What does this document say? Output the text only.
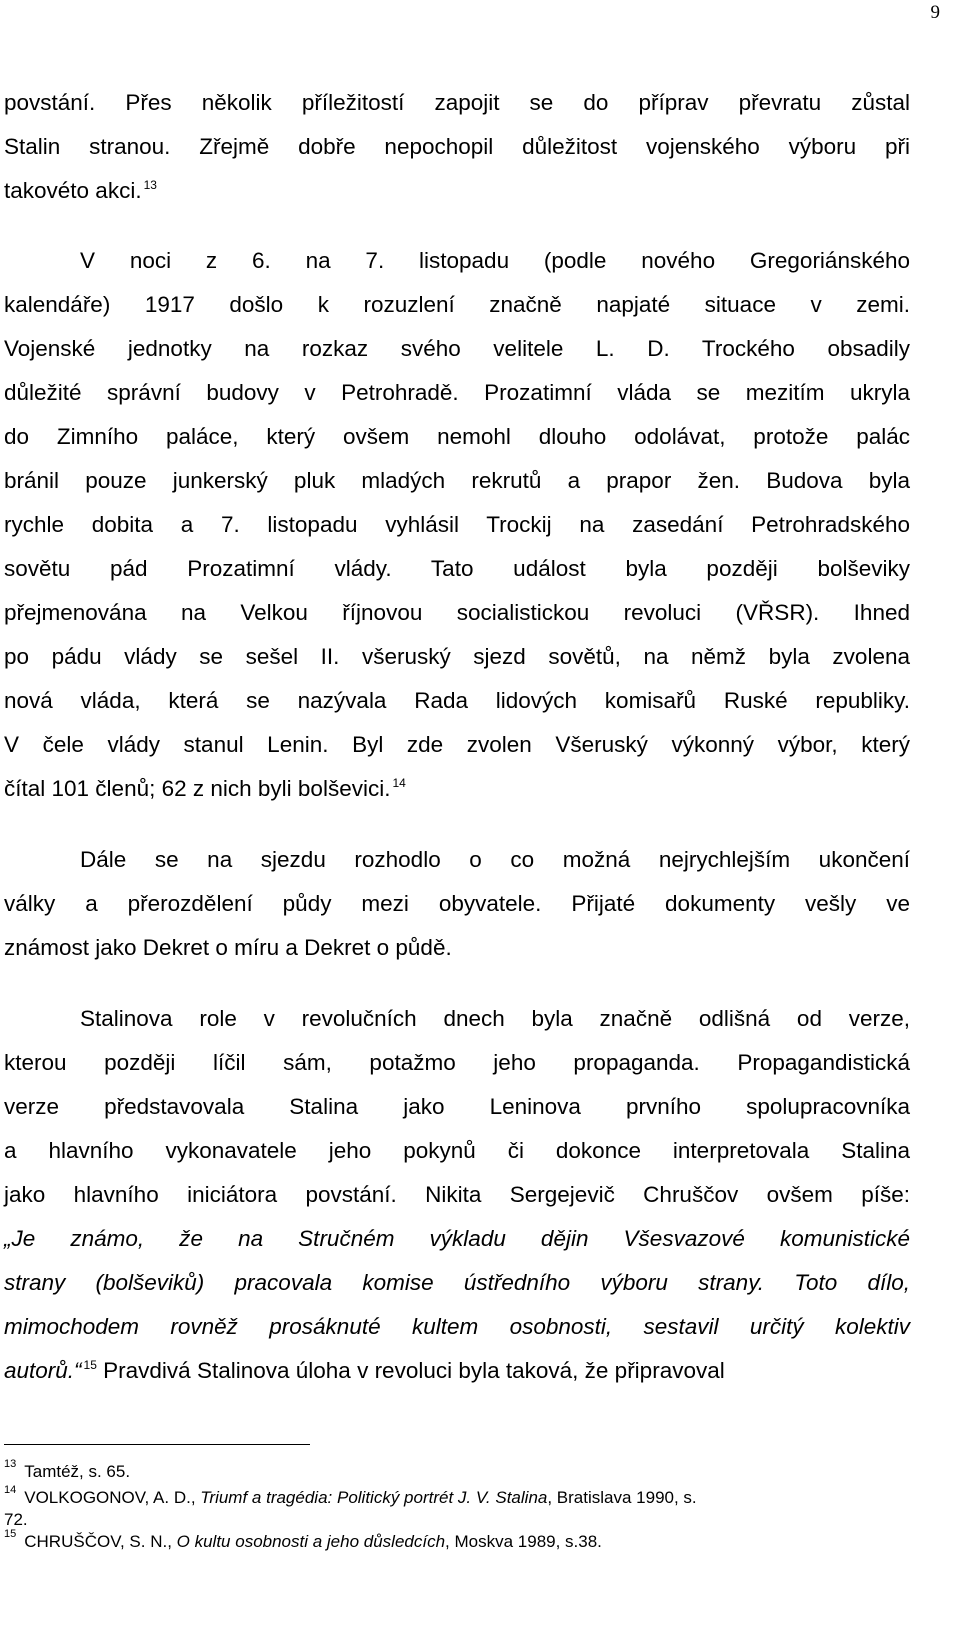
9
povstání. Přes několik příležitostí zapojit se do příprav převratu zůstal
Stalin stranou. Zřejmě dobře nepochopil důležitost vojenského výboru při
takovéto akci. $^{13}$
V noci z 6. na 7. listopadu (podle nového Gregoriánského
kalendáře) 1917 došlo k rozuzlení značně napjaté situace v zemi.
Vojenské jednotky na rozkaz svého velitele L. D. Trockého obsadily
důležité správní budovy v Petrohradě. Prozatimní vláda se mezitím ukryla
do Zimního paláce, který ovšem nemohl dlouho odolávat, protože palác
bránil pouze junkerský pluk mladých rekrutů a prapor žen. Budova byla
rychle dobita a 7. listopadu vyhlásil Trockij na zasedání Petrohradského
sovětu pád Prozatimní vlády. Tato událost byla později bolševiky
přejmenována na Velkou říjnovou socialistickou revoluci (VŘSR). Ihned
po pádu vlády se sešel II. všeruský sjezd sovětů, na němž byla zvolena
nová vláda, která se nazývala Rada lidových komisařů Ruské republiky.
V čele vlády stanul Lenin. Byl zde zvolen Všeruský výkonný výbor, který
čítal 101 členů; 62 z nich byli bolševici. $^{14}$
Dále se na sjezdu rozhodlo o co možná nejrychlejším ukončení
války a přerozdělení půdy mezi obyvatele. Přijaté dokumenty vešly ve
známost jako Dekret o míru a Dekret o půdě.
Stalinova role v revolučních dnech byla značně odlišná od verze,
kterou později líčil sám, potažmo jeho propaganda. Propagandistická
verze představovala Stalina jako Leninova prvního spolupracovníka
a hlavního vykonavatele jeho pokynů či dokonce interpretovala Stalina
jako hlavního iniciátora povstání. Nikita Sergejevič Chruščov ovšem píše:
„Je známo, že na Stručném výkladu dějin Všesvazové komunistické
strany (bolševiků) pracovala komise ústředního výboru strany. Toto dílo,
mimochodem rovněž prosáknuté kultem osobnosti, sestavil určitý kolektiv
autorů.“ $^{15}$ Pravdivá Stalinova úloha v revoluci byla taková, že připravoval
$^{13}$ Tamtéž, s. 65.
$^{14}$ VOLKOGONOV, A. D., Triumf a tragédia: Politický portrét J. V. Stalina, Bratislava 1990, s.
72.
$^{15}$ CHRUŠČOV, S. N., O kultu osobnosti a jeho důsledcích, Moskva 1989, s.38.
